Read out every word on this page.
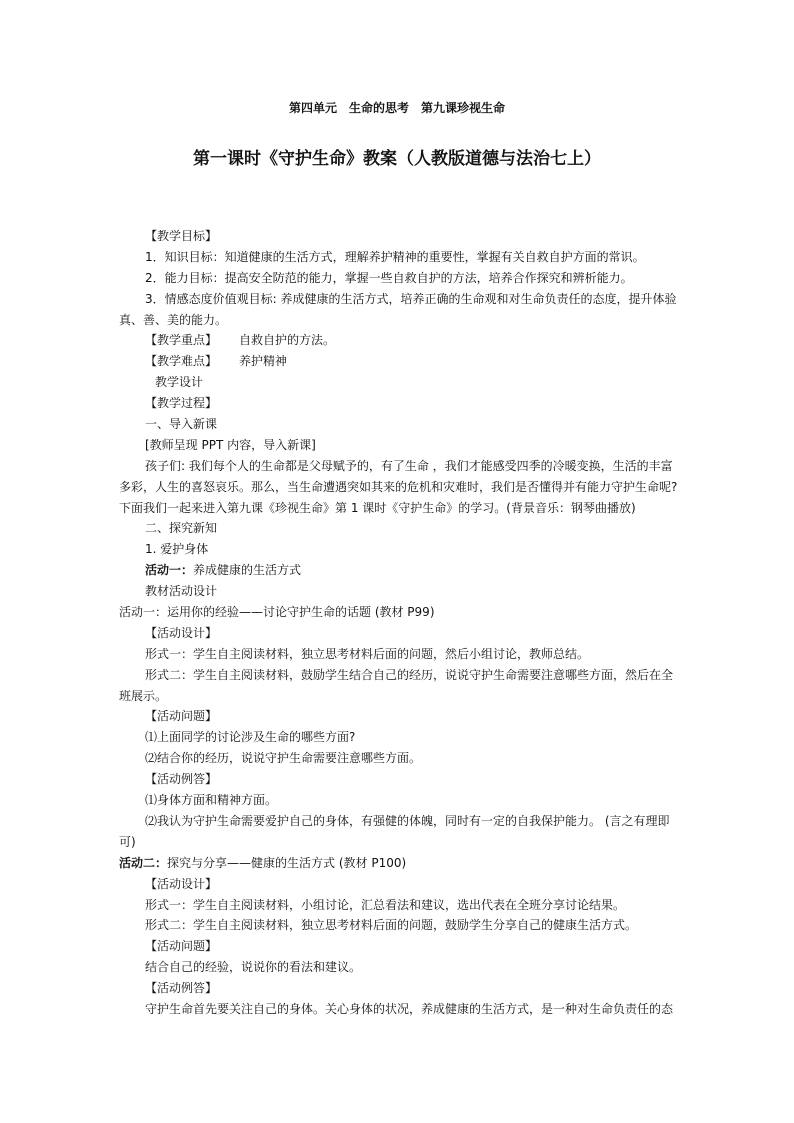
第四单元　生命的思考　第九课珍视生命
第一课时《守护生命》教案（人教版道德与法治七上）
【教学目标】
1．知识目标：知道健康的生活方式，理解养护精神的重要性，掌握有关自救自护方面的常识。
2．能力目标：提高安全防范的能力，掌握一些自救自护的方法，培养合作探究和辨析能力。
3．情感态度价值观目标: 养成健康的生活方式，培养正确的生命观和对生命负责任的态度，提升体验
真、善、美的能力。
【教学重点】 自救自护的方法。
【教学难点】 养护精神
教学设计
【教学过程】
一、导入新课
[教师呈现 PPT 内容，导入新课]
孩子们: 我们每个人的生命都是父母赋予的，有了生命 ，我们才能感受四季的冷暖变换，生活的丰富
多彩，人生的喜怒哀乐。那么，当生命遭遇突如其来的危机和灾难时，我们是否懂得并有能力守护生命呢?
下面我们一起来进入第九课《珍视生命》第 1 课时《守护生命》的学习。(背景音乐：钢琴曲播放)
二、探究新知
1. 爱护身体
活动一：养成健康的生活方式
教材活动设计
活动一：运用你的经验——讨论守护生命的话题 (教材 P99)
【活动设计】
形式一：学生自主阅读材料，独立思考材料后面的问题，然后小组讨论，教师总结。
形式二：学生自主阅读材料，鼓励学生结合自己的经历，说说守护生命需要注意哪些方面，然后在全
班展示。
【活动问题】
⑴上面同学的讨论涉及生命的哪些方面?
⑵结合你的经历，说说守护生命需要注意哪些方面。
【活动例答】
⑴身体方面和精神方面。
⑵我认为守护生命需要爱护自己的身体，有强健的体魄，同时有一定的自我保护能力。 (言之有理即
可)
活动二：探究与分享——健康的生活方式 (教材 P100)
【活动设计】
形式一：学生自主阅读材料，小组讨论，汇总看法和建议，选出代表在全班分享讨论结果。
形式二：学生自主阅读材料，独立思考材料后面的问题，鼓励学生分享自己的健康生活方式。
【活动问题】
结合自己的经验，说说你的看法和建议。
【活动例答】
守护生命首先要关注自己的身体。关心身体的状况，养成健康的生活方式，是一种对生命负责任的态
